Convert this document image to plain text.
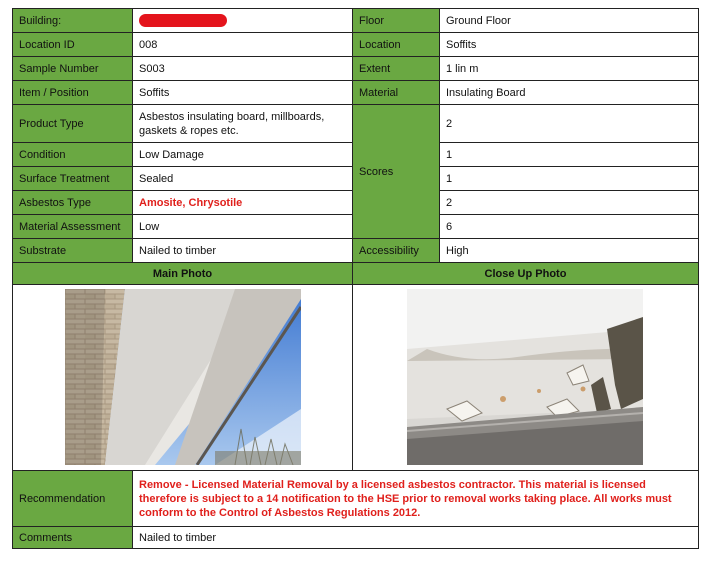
Building:		Floor	Ground Floor
Location ID	008	Location	Soffits
Sample Number	S003	Extent	1 lin m
Item / Position	Soffits	Material	Insulating Board
Product Type	Asbestos insulating board, millboards, gaskets & ropes etc.	Scores	2
Condition	Low Damage		1
Surface Treatment	Sealed		1
Asbestos Type	Amosite, Chrysotile		2
Material Assessment	Low		6
Substrate	Nailed to timber	Accessibility	High
Main Photo		Close Up Photo	

Recommendation	Remove - Licensed Material Removal by a licensed asbestos contractor. This material is licensed therefore is subject to a 14 notification to the HSE prior to removal works taking place. All works must conform to the Control of Asbestos Regulations 2012.		
Comments	Nailed to timber		
